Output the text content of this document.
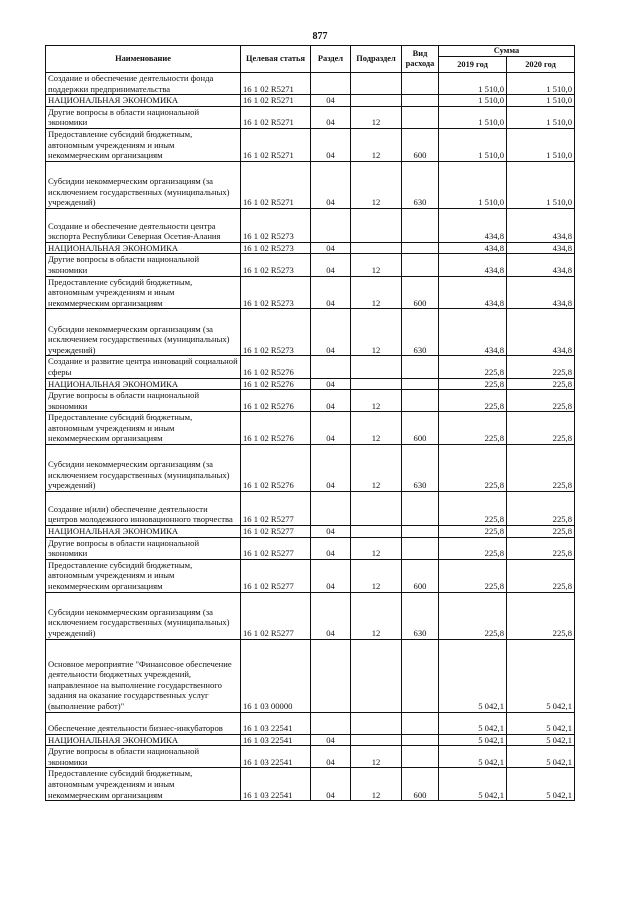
877
Наименование	Целевая статья	Раздел	Подраздел	Вид расхода	Сумма	
					2019 год	2020 год
Создание и обеспечение деятельности фонда поддержки предпринимательства	16 1 02 R5271				1 510,0	1 510,0
НАЦИОНАЛЬНАЯ ЭКОНОМИКА	16 1 02 R5271	04			1 510,0	1 510,0
Другие вопросы в области национальной экономики	16 1 02 R5271	04	12		1 510,0	1 510,0
Предоставление субсидий бюджетным, автономным учреждениям и иным некоммерческим организациям	16 1 02 R5271	04	12	600	1 510,0	1 510,0
Субсидии некоммерческим организациям (за исключением государственных (муниципальных) учреждений)	16 1 02 R5271	04	12	630	1 510,0	1 510,0
Создание и обеспечение деятельности центра экспорта Республики Северная Осетия-Алания	16 1 02 R5273				434,8	434,8
НАЦИОНАЛЬНАЯ ЭКОНОМИКА	16 1 02 R5273	04			434,8	434,8
Другие вопросы в области национальной экономики	16 1 02 R5273	04	12		434,8	434,8
Предоставление субсидий бюджетным, автономным учреждениям и иным некоммерческим организациям	16 1 02 R5273	04	12	600	434,8	434,8
Субсидии некоммерческим организациям (за исключением государственных (муниципальных) учреждений)	16 1 02 R5273	04	12	630	434,8	434,8
Создание и развитие центра инноваций социальной сферы	16 1 02 R5276				225,8	225,8
НАЦИОНАЛЬНАЯ ЭКОНОМИКА	16 1 02 R5276	04			225,8	225,8
Другие вопросы в области национальной экономики	16 1 02 R5276	04	12		225,8	225,8
Предоставление субсидий бюджетным, автономным учреждениям и иным некоммерческим организациям	16 1 02 R5276	04	12	600	225,8	225,8
Субсидии некоммерческим организациям (за исключением государственных (муниципальных) учреждений)	16 1 02 R5276	04	12	630	225,8	225,8
Создание и(или) обеспечение деятельности центров молодежного инновационного творчества	16 1 02 R5277				225,8	225,8
НАЦИОНАЛЬНАЯ ЭКОНОМИКА	16 1 02 R5277	04			225,8	225,8
Другие вопросы в области национальной экономики	16 1 02 R5277	04	12		225,8	225,8
Предоставление субсидий бюджетным, автономным учреждениям и иным некоммерческим организациям	16 1 02 R5277	04	12	600	225,8	225,8
Субсидии некоммерческим организациям (за исключением государственных (муниципальных) учреждений)	16 1 02 R5277	04	12	630	225,8	225,8
Основное мероприятие "Финансовое обеспечение деятельности бюджетных учреждений, направленное на выполнение государственного задания на оказание государственных услуг (выполнение работ)"	16 1 03 00000				5 042,1	5 042,1
Обеспечение деятельности бизнес-инкубаторов	16 1 03 22541				5 042,1	5 042,1
НАЦИОНАЛЬНАЯ ЭКОНОМИКА	16 1 03 22541	04			5 042,1	5 042,1
Другие вопросы в области национальной экономики	16 1 03 22541	04	12		5 042,1	5 042,1
Предоставление субсидий бюджетным, автономным учреждениям и иным некоммерческим организациям	16 1 03 22541	04	12	600	5 042,1	5 042,1
